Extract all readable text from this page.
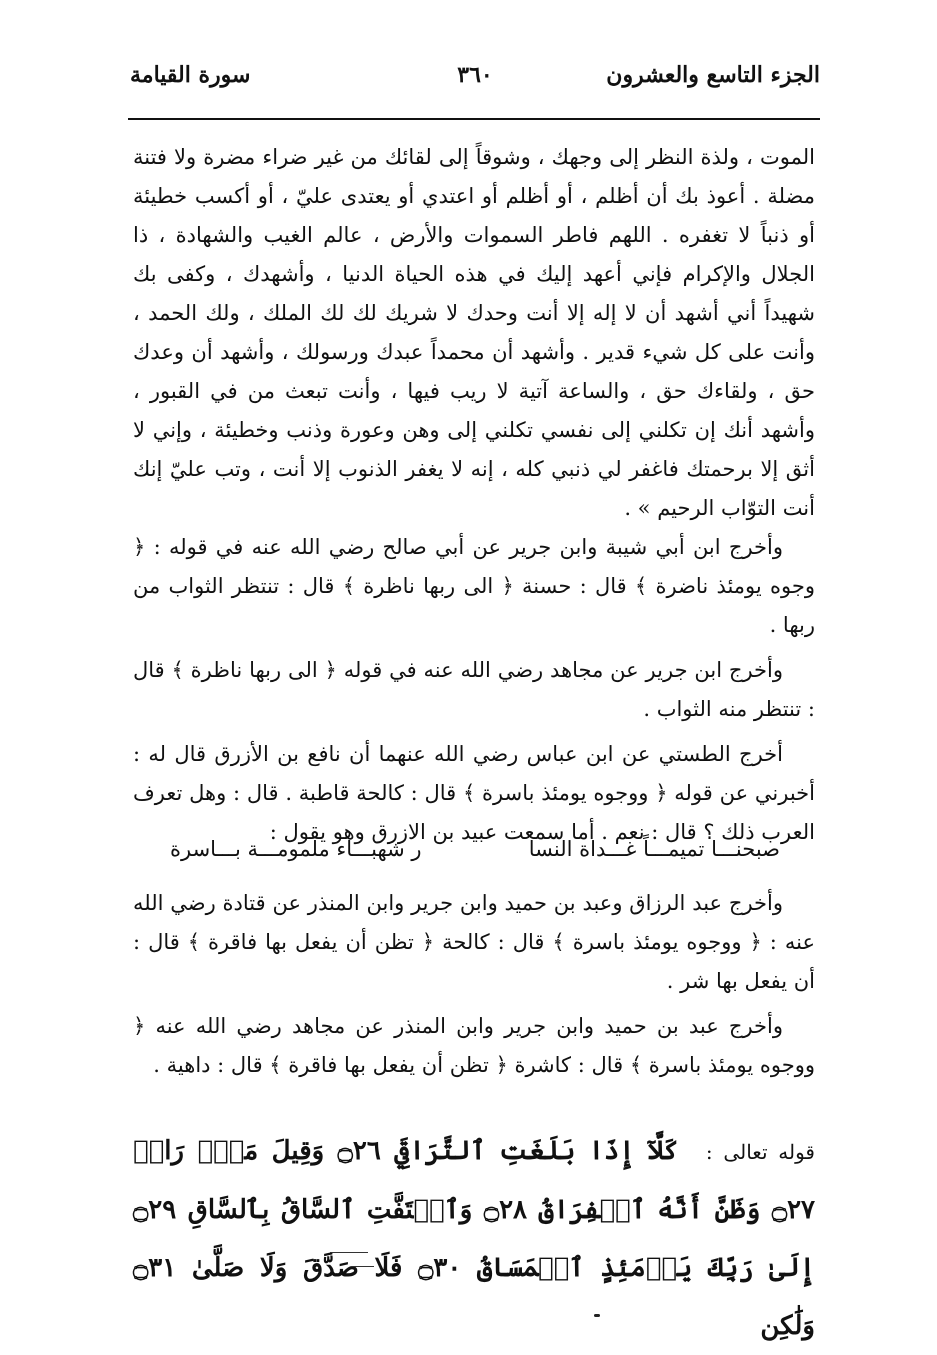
الجزء التاسع والعشرون
٣٦٠
سورة القيامة

الموت ، ولذة النظر إلى وجهك ، وشوقاً إلى لقائك من غير ضراء مضرة ولا فتنة مضلة . أعوذ بك أن أظلم ، أو أظلم أو اعتدي أو يعتدى عليّ ، أو أكسب خطيئة أو ذنباً لا تغفره . اللهم فاطر السموات والأرض ، عالم الغيب والشهادة ، ذا الجلال والإكرام فإني أعهد إليك في هذه الحياة الدنيا ، وأشهدك ، وكفى بك شهيداً أني أشهد أن لا إله إلا أنت وحدك لا شريك لك لك الملك ، ولك الحمد ، وأنت على كل شيء قدير . وأشهد أن محمداً عبدك ورسولك ، وأشهد أن وعدك حق ، ولقاءك حق ، والساعة آتية لا ريب فيها ، وأنت تبعث من في القبور ، وأشهد أنك إن تكلني إلى نفسي تكلني إلى وهن وعورة وذنب وخطيئة ، وإني لا أثق إلا برحمتك فاغفر لي ذنبي كله ، إنه لا يغفر الذنوب إلا أنت ، وتب عليّ إنك أنت التوّاب الرحيم » .

وأخرج ابن أبي شيبة وابن جرير عن أبي صالح رضي الله عنه في قوله : ﴿ وجوه يومئذ ناضرة ﴾ قال : حسنة ﴿ الى ربها ناظرة ﴾ قال : تنتظر الثواب من ربها .

وأخرج ابن جرير عن مجاهد رضي الله عنه في قوله ﴿ الى ربها ناظرة ﴾ قال : تنتظر منه الثواب .

أخرج الطستي عن ابن عباس رضي الله عنهما أن نافع بن الأزرق قال له : أخبرني عن قوله ﴿ ووجوه يومئذ باسرة ﴾ قال : كالحة قاطبة . قال : وهل تعرف العرب ذلك ؟ قال : نعم . أما سمعت عبيد بن الازرق وهو يقول :

صبحنـــا تميمـــاً غـــداة النسا
ر شهبـــاء ملمومـــة بـــاسرة

وأخرج عبد الرزاق وعبد بن حميد وابن جرير وابن المنذر عن قتادة رضي الله عنه : ﴿ ووجوه يومئذ باسرة ﴾ قال : كالحة ﴿ تظن أن يفعل بها فاقرة ﴾ قال : أن يفعل بها شر .

وأخرج عبد بن حميد وابن جرير وابن المنذر عن مجاهد رضي الله عنه ﴿ ووجوه يومئذ باسرة ﴾ قال : كاشرة ﴿ تظن أن يفعل بها فاقرة ﴾ قال : داهية .

قوله تعالى : كَلَّآ إِذَا بَلَغَتِ ٱلتَّرَاقِيَ ۝٢٦ وَقِيلَ مَنْۜ رَاقٖ ۝٢٧ وَظَنَّ أَنَّهُ ٱلۡفِرَاقُ ۝٢٨ وَٱلۡتَفَّتِ ٱلسَّاقُ بِٱلسَّاقِ ۝٢٩ إِلَىٰ رَبِّكَ يَوۡمَئِذٍ ٱلۡمَسَاقُ ۝٣٠ فَلَا صَدَّقَ وَلَا صَلَّىٰ ۝٣١ وَلَٰكِن
